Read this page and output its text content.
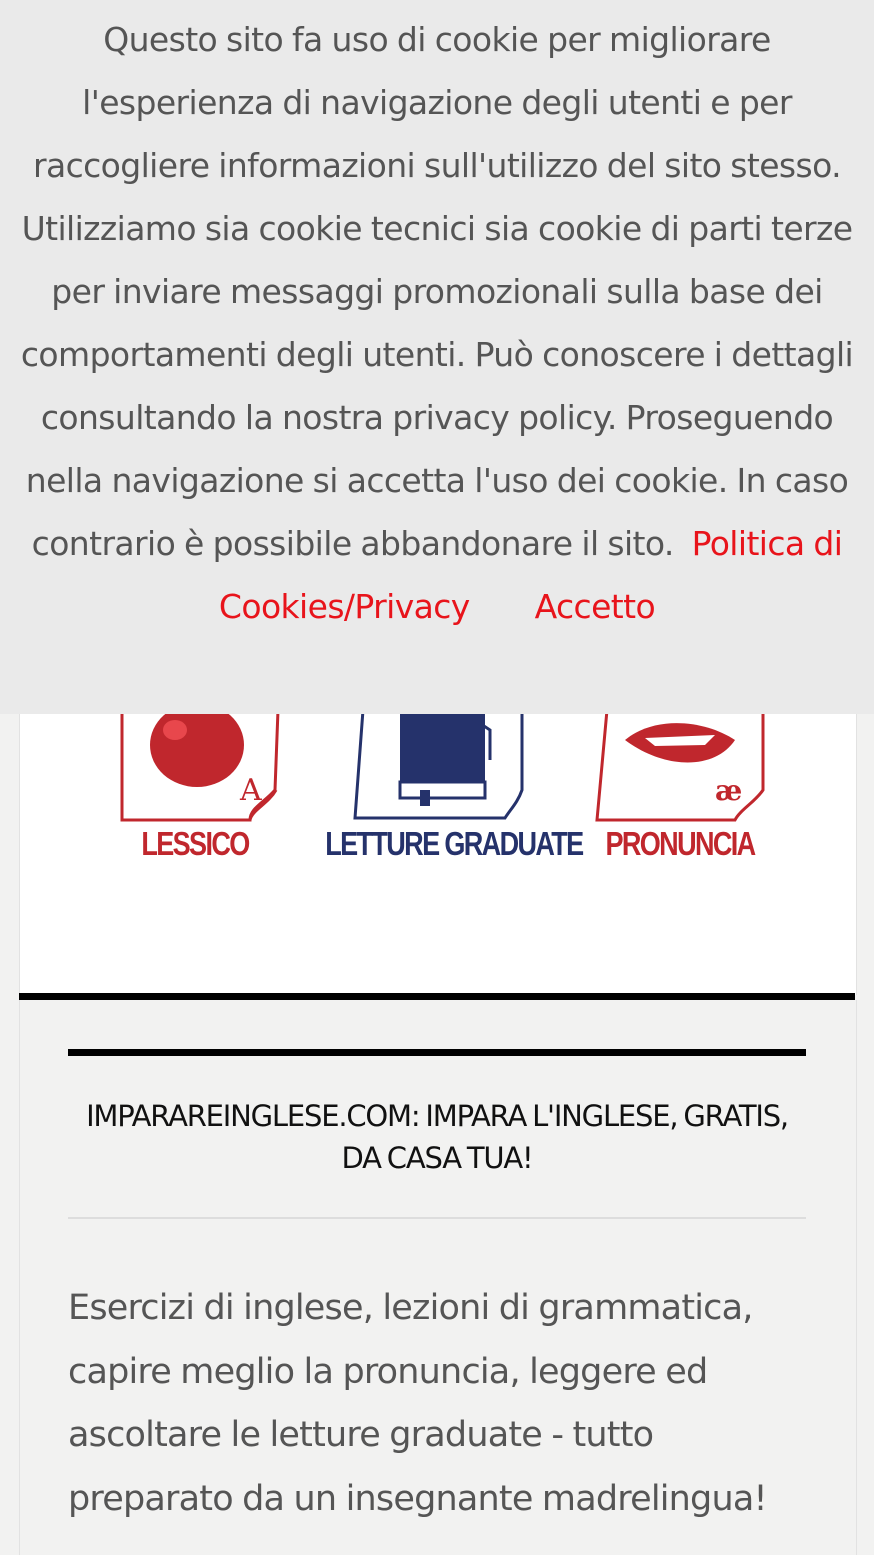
A
LESSICO	LETTURE GRADUATE
æ
PRONUNCIA
IMPARAREINGLESE.COM: IMPARA L'INGLESE, GRATIS, DA CASA TUA!

Esercizi di inglese, lezioni di grammatica, capire meglio la pronuncia, leggere ed ascoltare le letture graduate - tutto preparato da un insegnante madrelingua!

Questo sito fa uso di cookie per migliorare l'esperienza di navigazione degli utenti e per raccogliere informazioni sull'utilizzo del sito stesso. Utilizziamo sia cookie tecnici sia cookie di parti terze per inviare messaggi promozionali sulla base dei comportamenti degli utenti. Può conoscere i dettagli consultando la nostra privacy policy. Proseguendo nella navigazione si accetta l'uso dei cookie. In caso contrario è possibile abbandonare il sito. Politica di Cookies/Privacy Accetto
